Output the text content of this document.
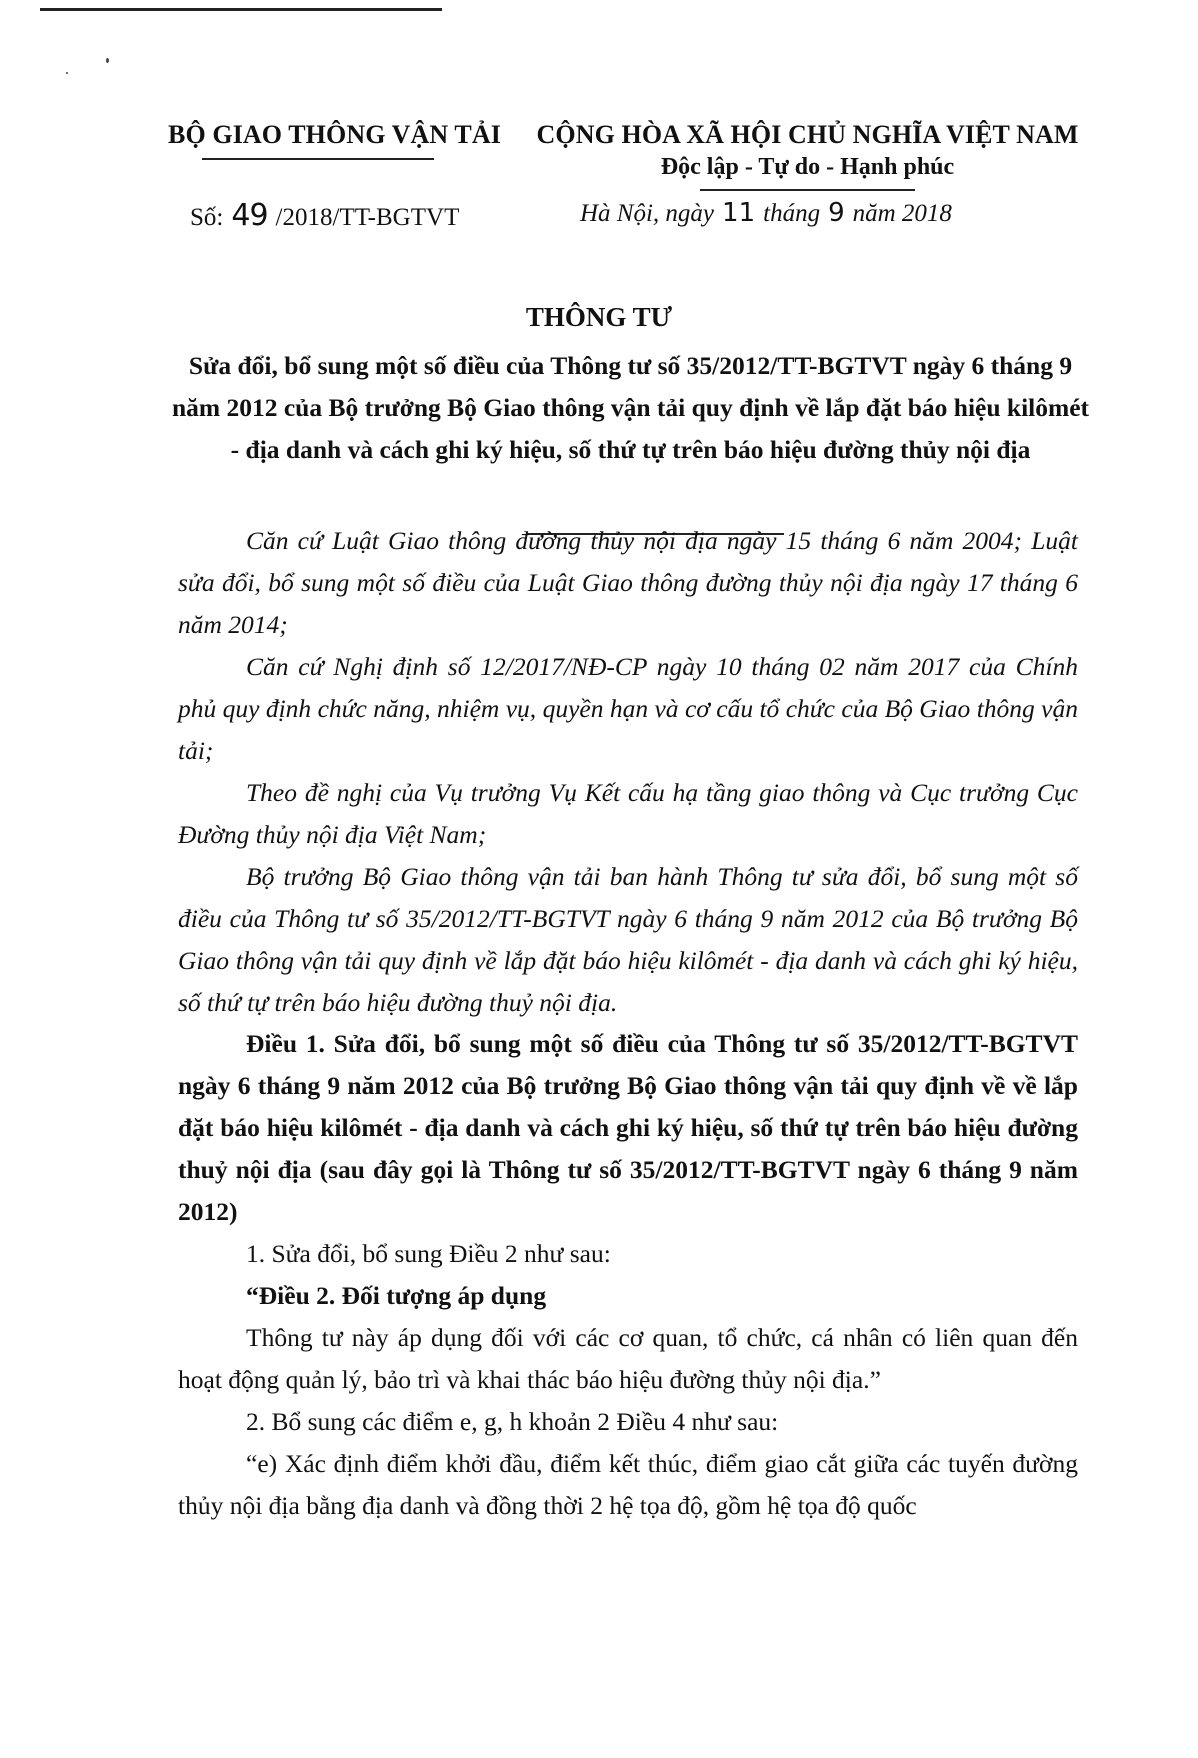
BỘ GIAO THÔNG VẬN TẢI	CỘNG HÒA XÃ HỘI CHỦ NGHĨA VIỆT NAM
Độc lập - Tự do - Hạnh phúc
Số: 49 /2018/TT-BGTVT	Hà Nội, ngày 11 tháng 9 năm 2018
THÔNG TƯ
Sửa đổi, bổ sung một số điều của Thông tư số 35/2012/TT-BGTVT ngày 6 tháng 9 năm 2012 của Bộ trưởng Bộ Giao thông vận tải quy định về lắp đặt báo hiệu kilômét - địa danh và cách ghi ký hiệu, số thứ tự trên báo hiệu đường thủy nội địa

Căn cứ Luật Giao thông đường thủy nội địa ngày 15 tháng 6 năm 2004; Luật sửa đổi, bổ sung một số điều của Luật Giao thông đường thủy nội địa ngày 17 tháng 6 năm 2014;

Căn cứ Nghị định số 12/2017/NĐ-CP ngày 10 tháng 02 năm 2017 của Chính phủ quy định chức năng, nhiệm vụ, quyền hạn và cơ cấu tổ chức của Bộ Giao thông vận tải;

Theo đề nghị của Vụ trưởng Vụ Kết cấu hạ tầng giao thông và Cục trưởng Cục Đường thủy nội địa Việt Nam;

Bộ trưởng Bộ Giao thông vận tải ban hành Thông tư sửa đổi, bổ sung một số điều của Thông tư số 35/2012/TT-BGTVT ngày 6 tháng 9 năm 2012 của Bộ trưởng Bộ Giao thông vận tải quy định về lắp đặt báo hiệu kilômét - địa danh và cách ghi ký hiệu, số thứ tự trên báo hiệu đường thuỷ nội địa.

Điều 1. Sửa đổi, bổ sung một số điều của Thông tư số 35/2012/TT-BGTVT ngày 6 tháng 9 năm 2012 của Bộ trưởng Bộ Giao thông vận tải quy định về về lắp đặt báo hiệu kilômét - địa danh và cách ghi ký hiệu, số thứ tự trên báo hiệu đường thuỷ nội địa (sau đây gọi là Thông tư số 35/2012/TT-BGTVT ngày 6 tháng 9 năm 2012)

1. Sửa đổi, bổ sung Điều 2 như sau:

“Điều 2. Đối tượng áp dụng

Thông tư này áp dụng đối với các cơ quan, tổ chức, cá nhân có liên quan đến hoạt động quản lý, bảo trì và khai thác báo hiệu đường thủy nội địa.”

2. Bổ sung các điểm e, g, h khoản 2 Điều 4 như sau:

“e) Xác định điểm khởi đầu, điểm kết thúc, điểm giao cắt giữa các tuyến đường thủy nội địa bằng địa danh và đồng thời 2 hệ tọa độ, gồm hệ tọa độ quốc
